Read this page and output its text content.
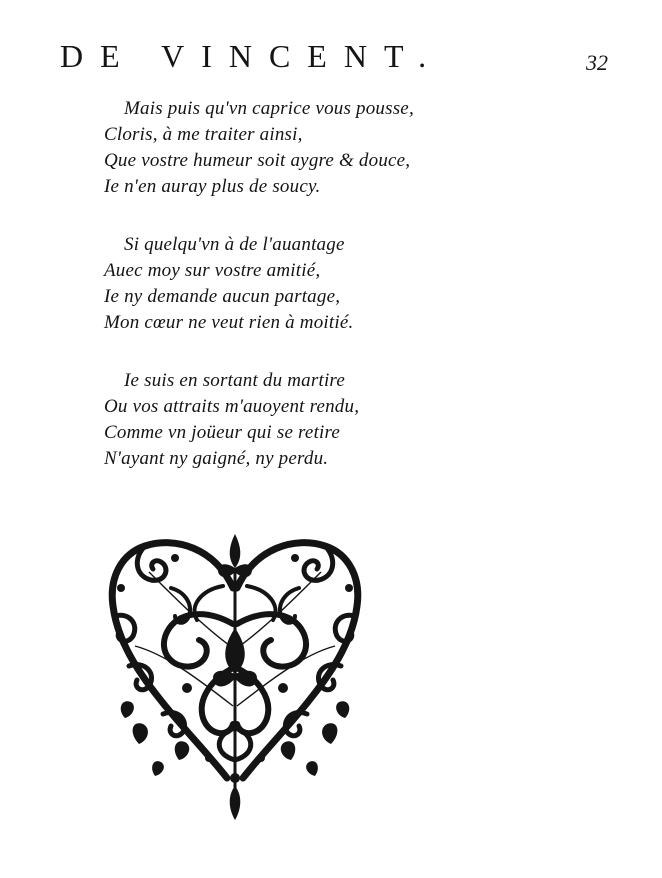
DE VINCENT.	32
Mais puis qu'vn caprice vous pousse,
Cloris, à me traiter ainsi,
Que vostre humeur soit aygre & douce,
Ie n'en auray plus de soucy.
Si quelqu'vn à de l'auantage
Auec moy sur vostre amitié,
Ie ny demande aucun partage,
Mon cœur ne veut rien à moitié.
Ie suis en sortant du martire
Ou vos attraits m'auoyent rendu,
Comme vn joüeur qui se retire
N'ayant ny gaigné, ny perdu.
